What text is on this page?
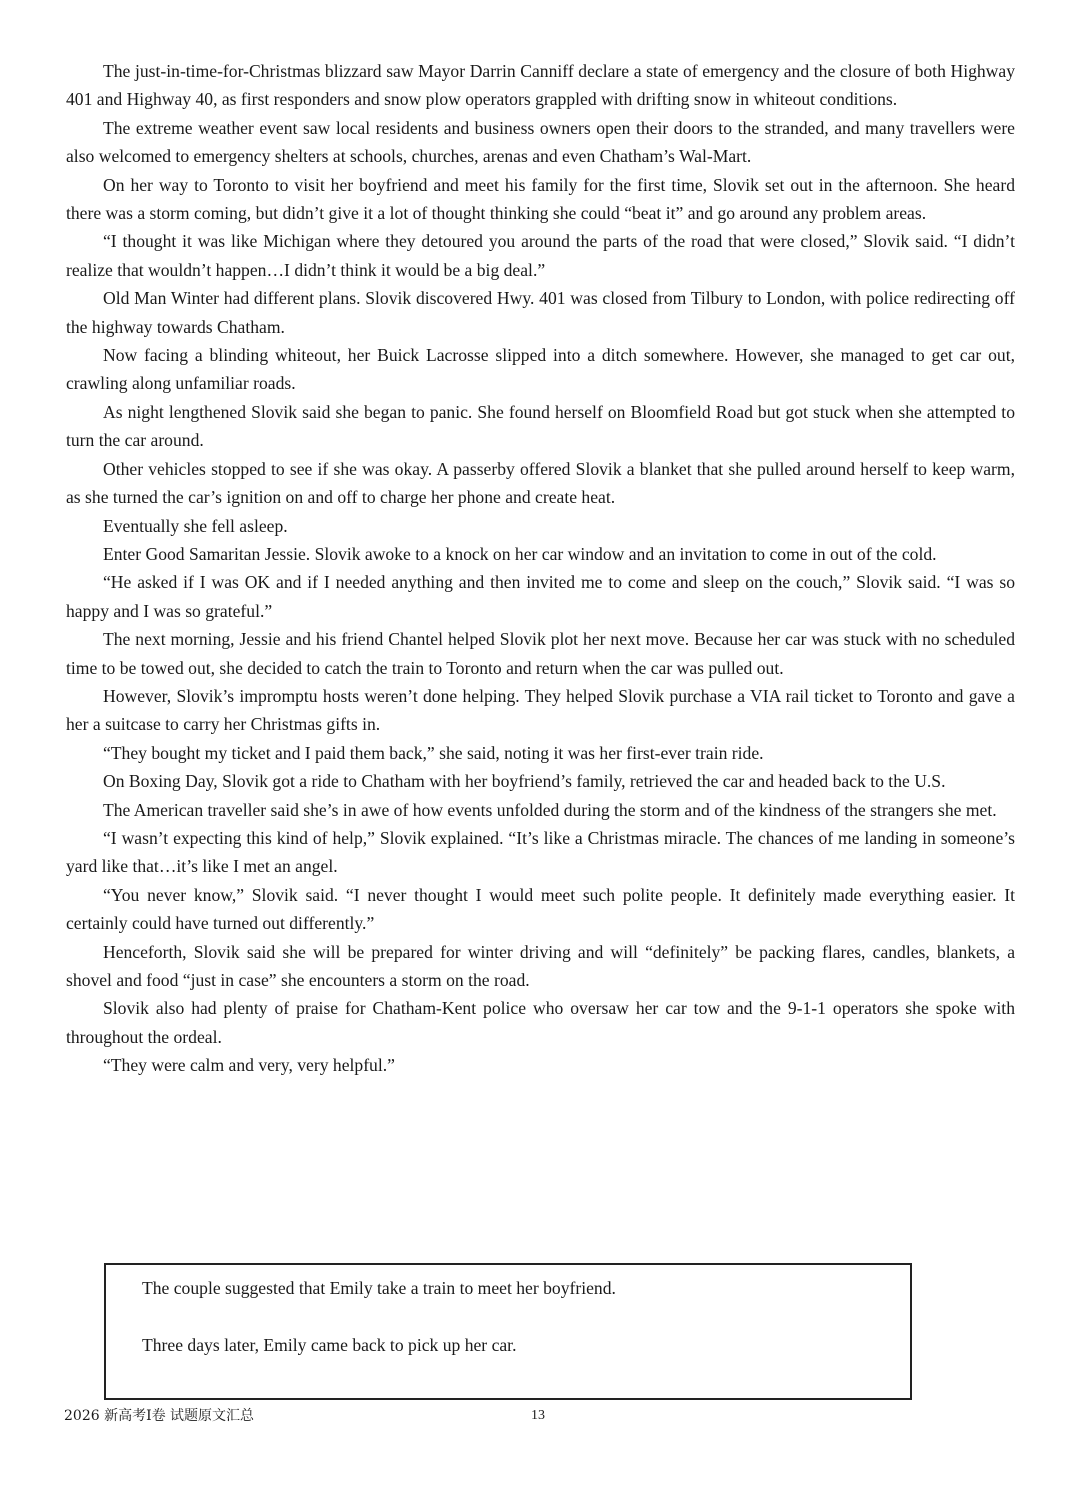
The just-in-time-for-Christmas blizzard saw Mayor Darrin Canniff declare a state of emergency and the closure of both Highway 401 and Highway 40, as first responders and snow plow operators grappled with drifting snow in whiteout conditions.

The extreme weather event saw local residents and business owners open their doors to the stranded, and many travellers were also welcomed to emergency shelters at schools, churches, arenas and even Chatham’s Wal-Mart.

On her way to Toronto to visit her boyfriend and meet his family for the first time, Slovik set out in the afternoon. She heard there was a storm coming, but didn’t give it a lot of thought thinking she could “beat it” and go around any problem areas.

“I thought it was like Michigan where they detoured you around the parts of the road that were closed,” Slovik said. “I didn’t realize that wouldn’t happen…I didn’t think it would be a big deal.”

Old Man Winter had different plans. Slovik discovered Hwy. 401 was closed from Tilbury to London, with police redirecting off the highway towards Chatham.

Now facing a blinding whiteout, her Buick Lacrosse slipped into a ditch somewhere. However, she managed to get car out, crawling along unfamiliar roads.

As night lengthened Slovik said she began to panic. She found herself on Bloomfield Road but got stuck when she attempted to turn the car around.

Other vehicles stopped to see if she was okay. A passerby offered Slovik a blanket that she pulled around herself to keep warm, as she turned the car’s ignition on and off to charge her phone and create heat.

Eventually she fell asleep.

Enter Good Samaritan Jessie. Slovik awoke to a knock on her car window and an invitation to come in out of the cold.

“He asked if I was OK and if I needed anything and then invited me to come and sleep on the couch,” Slovik said. “I was so happy and I was so grateful.”

The next morning, Jessie and his friend Chantel helped Slovik plot her next move. Because her car was stuck with no scheduled time to be towed out, she decided to catch the train to Toronto and return when the car was pulled out.

However, Slovik’s impromptu hosts weren’t done helping. They helped Slovik purchase a VIA rail ticket to Toronto and gave a her a suitcase to carry her Christmas gifts in.

“They bought my ticket and I paid them back,” she said, noting it was her first-ever train ride.

On Boxing Day, Slovik got a ride to Chatham with her boyfriend’s family, retrieved the car and headed back to the U.S.

The American traveller said she’s in awe of how events unfolded during the storm and of the kindness of the strangers she met.

“I wasn’t expecting this kind of help,” Slovik explained. “It’s like a Christmas miracle. The chances of me landing in someone’s yard like that…it’s like I met an angel.

“You never know,” Slovik said. “I never thought I would meet such polite people. It definitely made everything easier. It certainly could have turned out differently.”

Henceforth, Slovik said she will be prepared for winter driving and will “definitely” be packing flares, candles, blankets, a shovel and food “just in case” she encounters a storm on the road.

Slovik also had plenty of praise for Chatham-Kent police who oversaw her car tow and the 9-1-1 operators she spoke with throughout the ordeal.

“They were calm and very, very helpful.”

The couple suggested that Emily take a train to meet her boyfriend.
Three days later, Emily came back to pick up her car.
2026 新高考I卷 试题原文汇总	13
